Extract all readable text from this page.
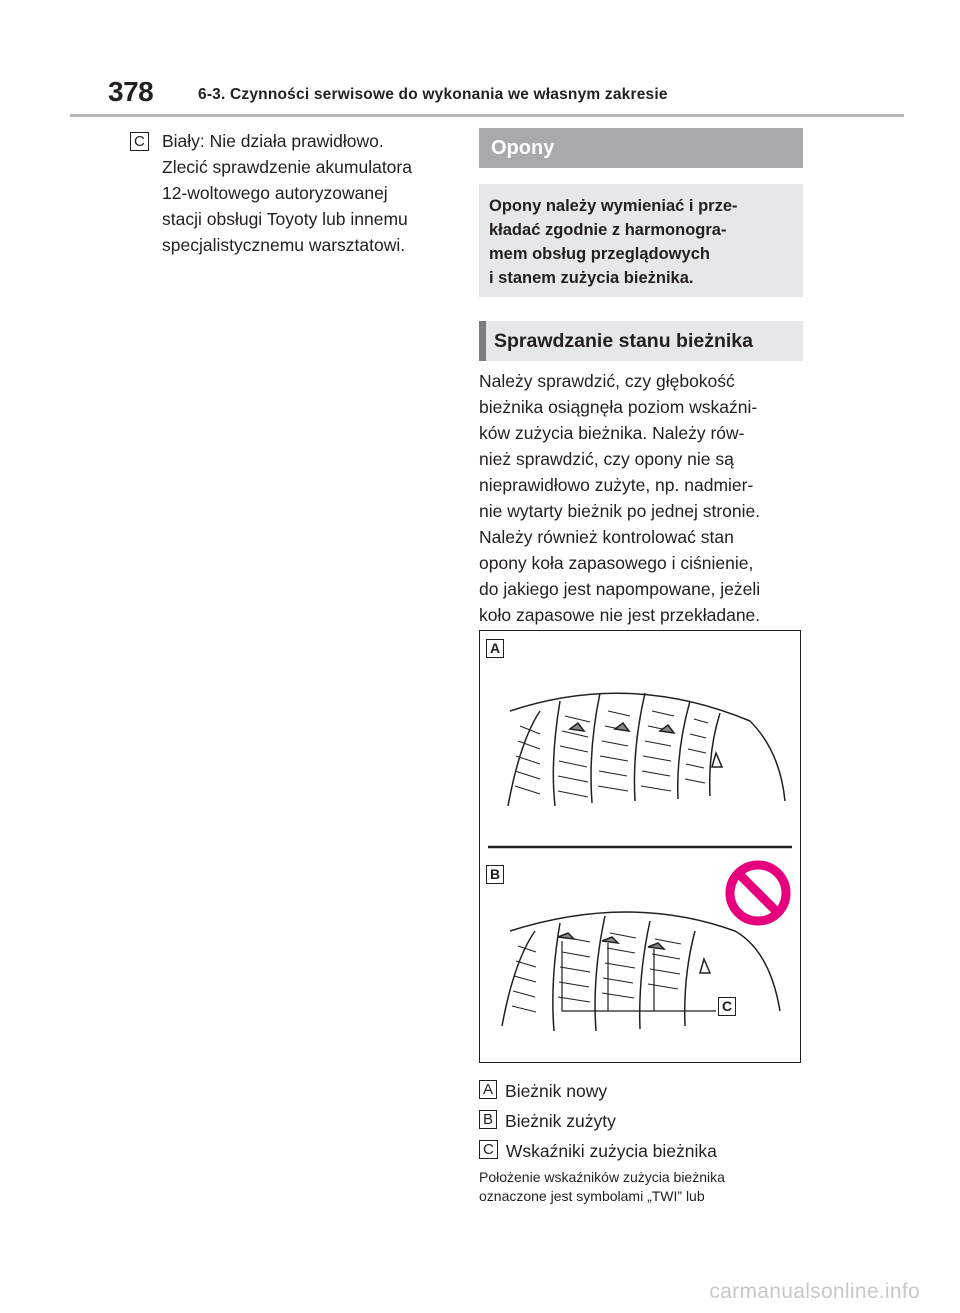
378	6-3. Czynności serwisowe do wykonania we własnym zakresie
C Biały: Nie działa prawidłowo.
Zlecić sprawdzenie akumulatora
12-woltowego autoryzowanej
stacji obsługi Toyoty lub innemu
specjalistycznemu warsztatowi.
Opony
Opony należy wymieniać i prze-
kładać zgodnie z harmonogra-
mem obsług przeglądowych
i stanem zużycia bieżnika.
Sprawdzanie stanu bieżnika
Należy sprawdzić, czy głębokość
bieżnika osiągnęła poziom wskaźni-
ków zużycia bieżnika. Należy rów-
nież sprawdzić, czy opony nie są
nieprawidłowo zużyte, np. nadmier-
nie wytarty bieżnik po jednej stronie.
Należy również kontrolować stan
opony koła zapasowego i ciśnienie,
do jakiego jest napompowane, jeżeli
koło zapasowe nie jest przekładane.
A
B
C
A Bieżnik nowy
B Bieżnik zużyty
C Wskaźniki zużycia bieżnika
Położenie wskaźników zużycia bieżnika
oznaczone jest symbolami „TWI” lub
carmanualsonline.info
